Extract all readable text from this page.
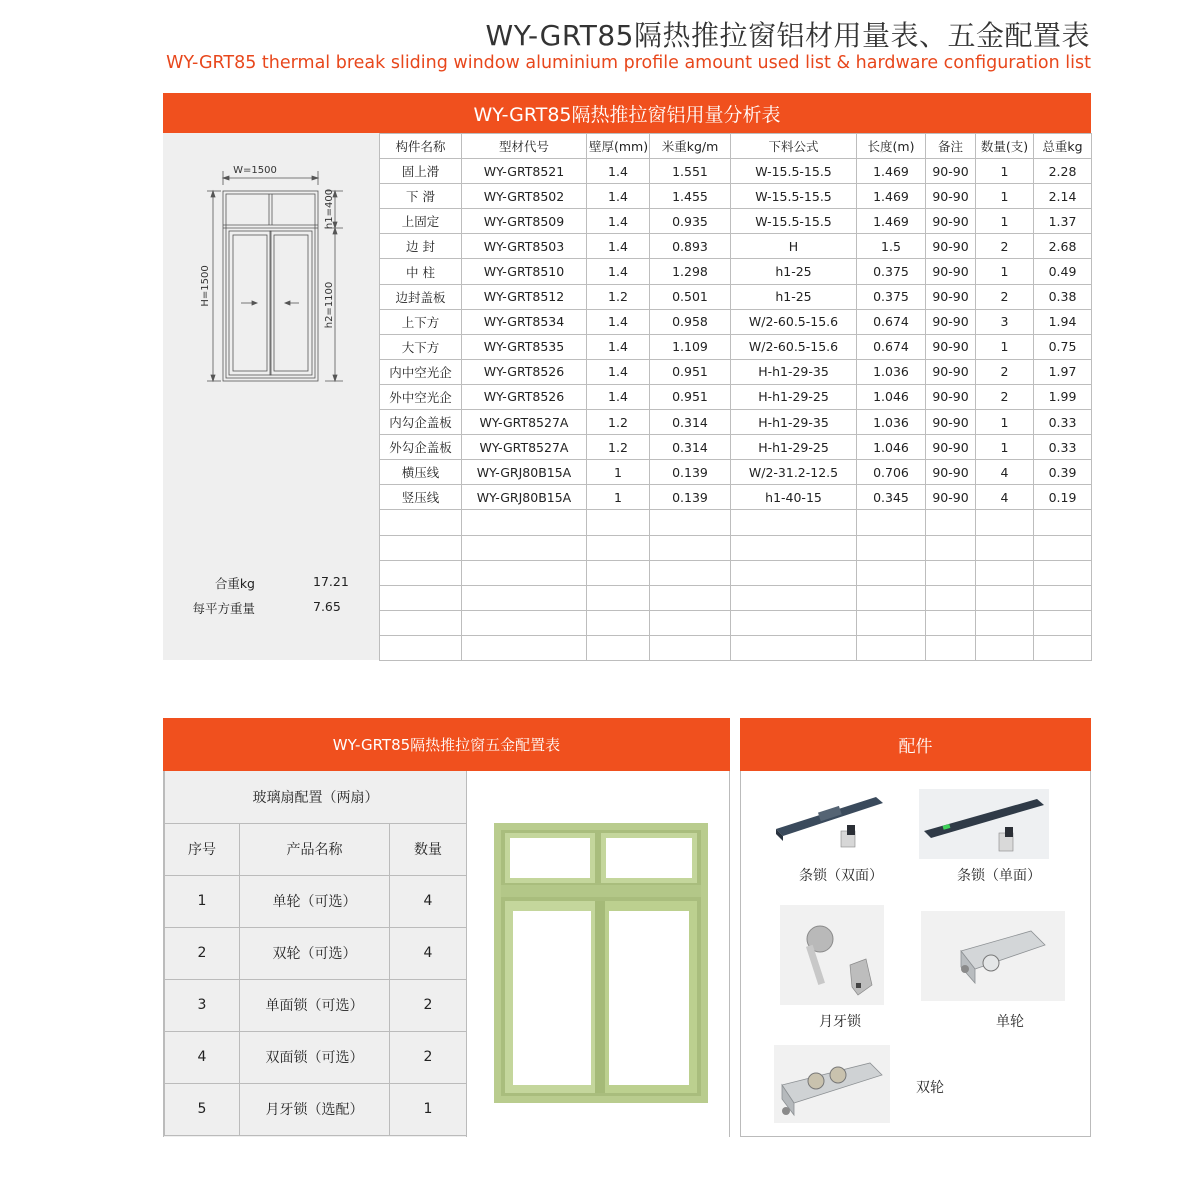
WY-GRT85隔热推拉窗铝材用量表、五金配置表
WY-GRT85 thermal break sliding window aluminium profile amount used list & hardware configuration list
WY-GRT85隔热推拉窗铝用量分析表
W=1500
H=1500
h1=400
h2=1100
合重kg	17.21
每平方重量	7.65
构件名称	型材代号	壁厚(mm)	米重kg/m	下料公式	长度(m)	备注	数量(支)	总重kg
固上滑	WY-GRT8521	1.4	1.551	W-15.5-15.5	1.469	90-90	1	2.28
下 滑	WY-GRT8502	1.4	1.455	W-15.5-15.5	1.469	90-90	1	2.14
上固定	WY-GRT8509	1.4	0.935	W-15.5-15.5	1.469	90-90	1	1.37
边 封	WY-GRT8503	1.4	0.893	H	1.5	90-90	2	2.68
中 柱	WY-GRT8510	1.4	1.298	h1-25	0.375	90-90	1	0.49
边封盖板	WY-GRT8512	1.2	0.501	h1-25	0.375	90-90	2	0.38
上下方	WY-GRT8534	1.4	0.958	W/2-60.5-15.6	0.674	90-90	3	1.94
大下方	WY-GRT8535	1.4	1.109	W/2-60.5-15.6	0.674	90-90	1	0.75
内中空光企	WY-GRT8526	1.4	0.951	H-h1-29-35	1.036	90-90	2	1.97
外中空光企	WY-GRT8526	1.4	0.951	H-h1-29-25	1.046	90-90	2	1.99
内勾企盖板	WY-GRT8527A	1.2	0.314	H-h1-29-35	1.036	90-90	1	0.33
外勾企盖板	WY-GRT8527A	1.2	0.314	H-h1-29-25	1.046	90-90	1	0.33
横压线	WY-GRJ80B15A	1	0.139	W/2-31.2-12.5	0.706	90-90	4	0.39
竖压线	WY-GRJ80B15A	1	0.139	h1-40-15	0.345	90-90	4	0.19

WY-GRT85隔热推拉窗五金配置表
玻璃扇配置（两扇）		
序号	产品名称	数量
1	单轮（可选）	4
2	双轮（可选）	4
3	单面锁（可选）	2
4	双面锁（可选）	2
5	月牙锁（选配）	1
配件
条锁（双面）	条锁（单面）
月牙锁	单轮
双轮
